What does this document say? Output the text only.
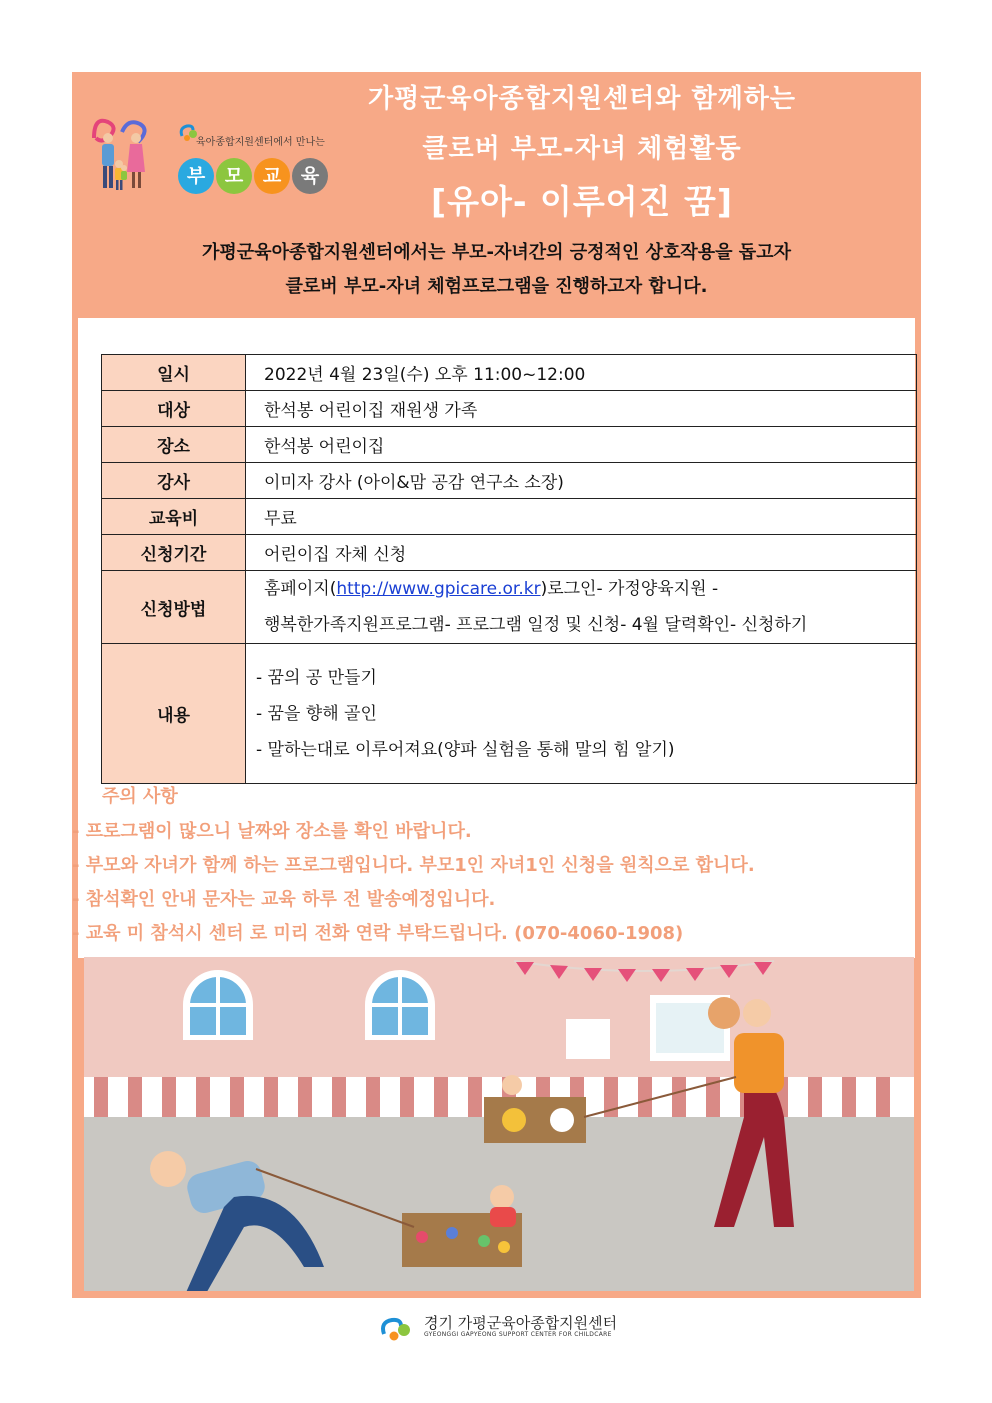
육아종합지원센터에서 만나는
부	모	교	육
가평군육아종합지원센터와 함께하는
클로버 부모-자녀 체험활동
[유아- 이루어진 꿈]
가평군육아종합지원센터에서는 부모-자녀간의 긍정적인 상호작용을 돕고자
클로버 부모-자녀 체험프로그램을 진행하고자 합니다.
일시	2022년 4월 23일(수) 오후 11:00~12:00
대상	한석봉 어린이집 재원생 가족
장소	한석봉 어린이집
강사	이미자 강사 (아이&맘 공감 연구소 소장)
교육비	무료
신청기간	어린이집 자체 신청
신청방법	홈페이지(http://www.gpicare.or.kr)로그인- 가정양육지원 -
행복한가족지원프로그램- 프로그램 일정 및 신청- 4월 달력확인- 신청하기

내용	- 꿈의 공 만들기
- 꿈을 향해 골인
- 말하는대로 이루어져요(양파 실험을 통해 말의 힘 알기)
주의 사항
- 프로그램이 많으니 날짜와 장소를 확인 바랍니다.
- 부모와 자녀가 함께 하는 프로그램입니다. 부모1인 자녀1인 신청을 원칙으로 합니다.
- 참석확인 안내 문자는 교육 하루 전 발송예정입니다.
- 교육 미 참석시 센터 로 미리 전화 연락 부탁드립니다. (070-4060-1908)
경기 가평군육아종합지원센터
GYEONGGI GAPYEONG SUPPORT CENTER FOR CHILDCARE
